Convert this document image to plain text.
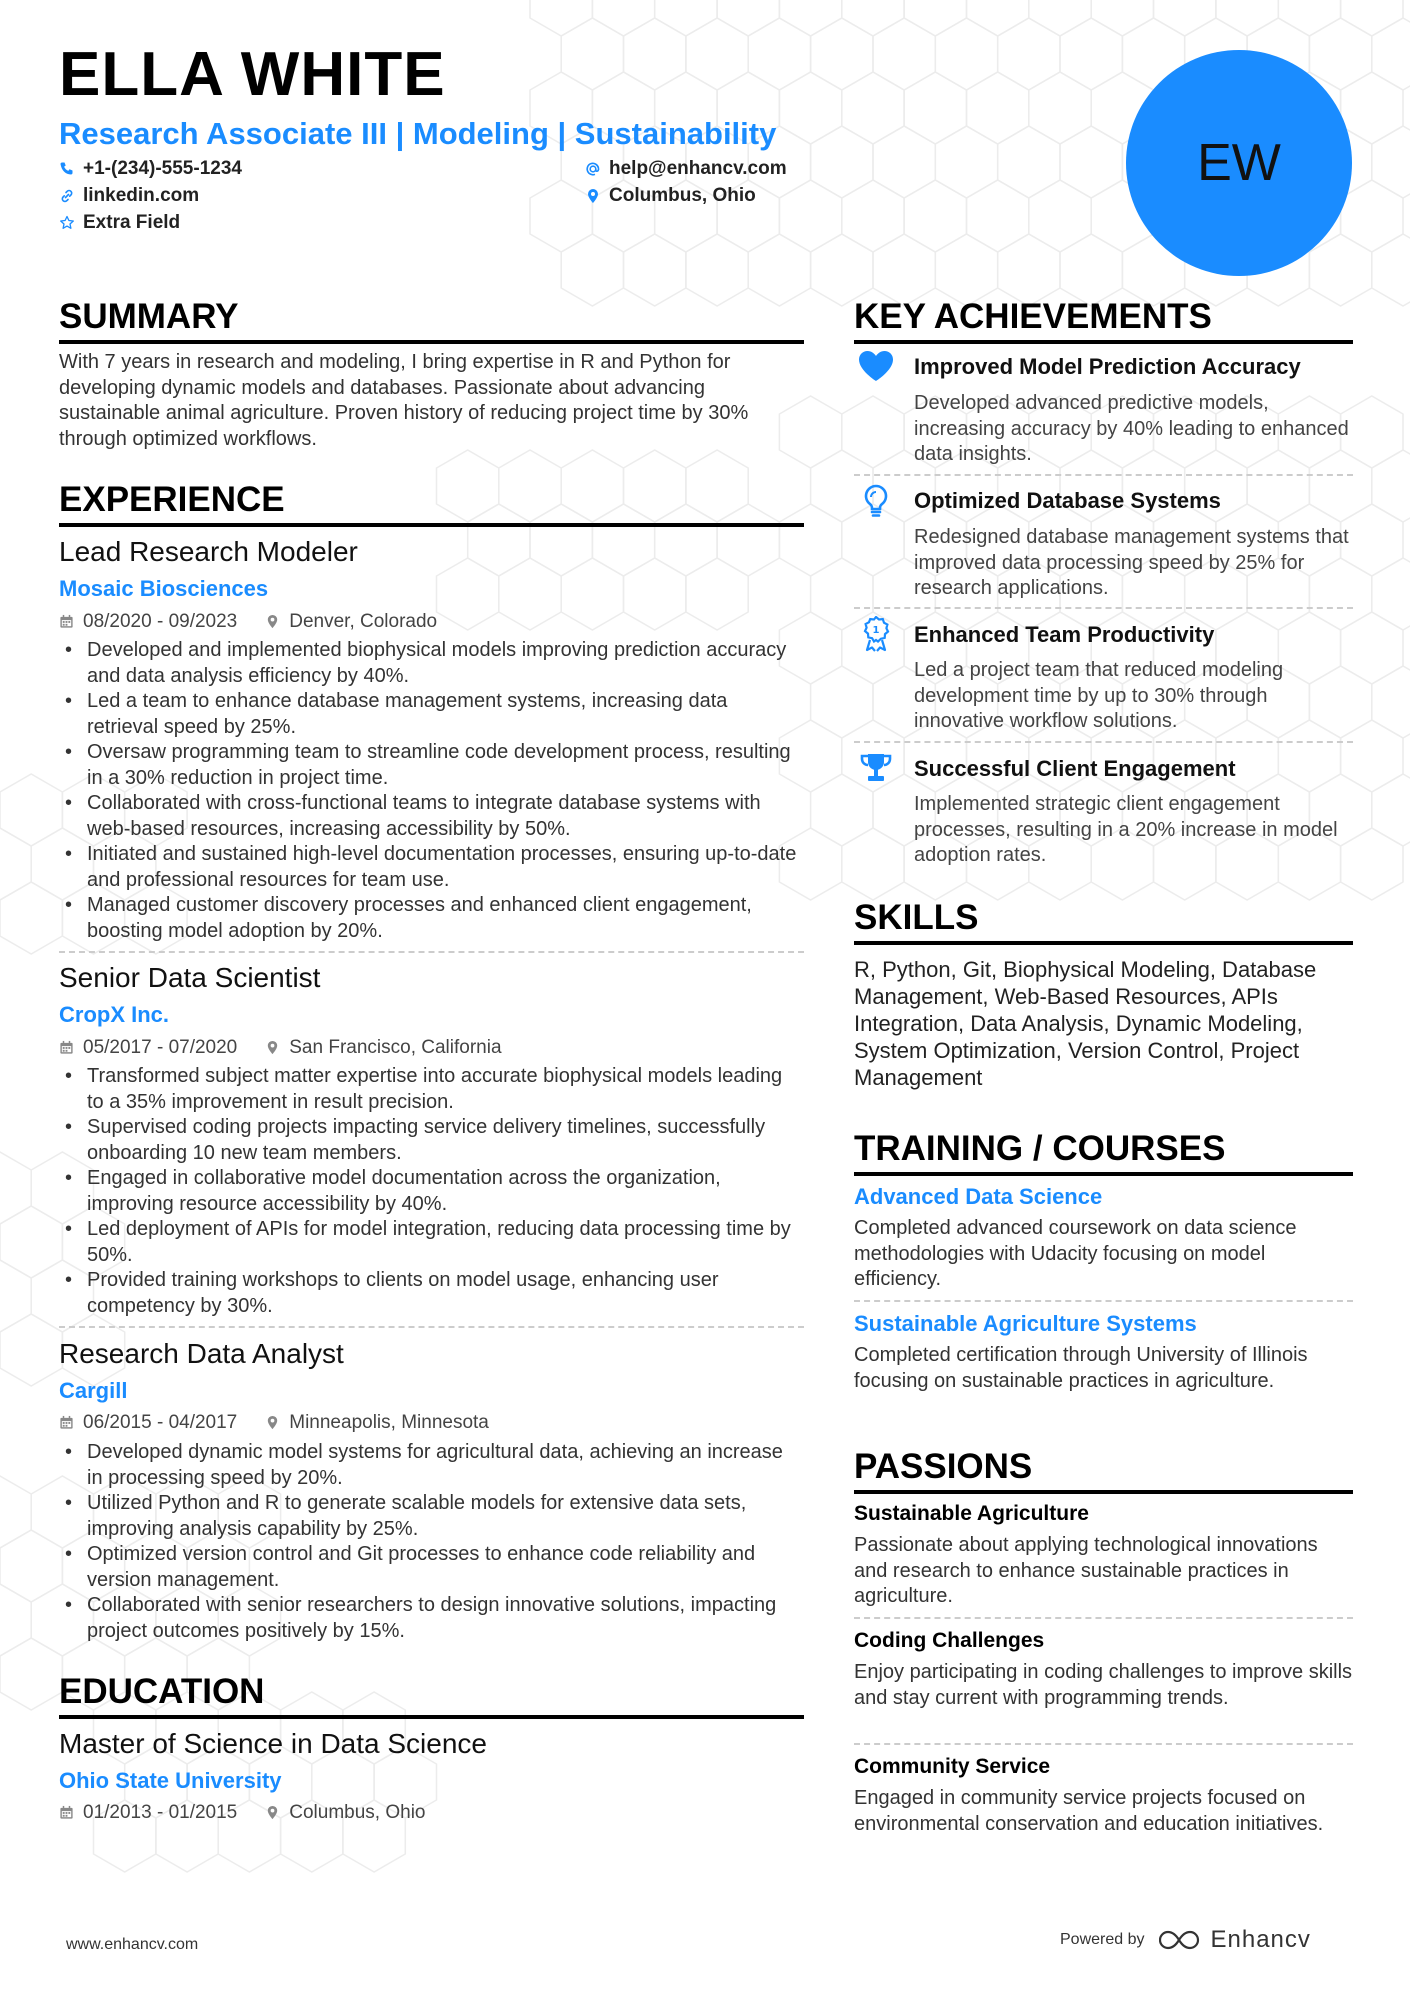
ELLA WHITE
Research Associate III | Modeling | Sustainability
+1-(234)-555-1234	help@enhancv.com
linkedin.com	Columbus, Ohio
Extra Field
EW
SUMMARY
With 7 years in research and modeling, I bring expertise in R and Python for developing dynamic models and databases. Passionate about advancing sustainable animal agriculture. Proven history of reducing project time by 30% through optimized workflows.
EXPERIENCE
Lead Research Modeler
Mosaic Biosciences
08/2020 - 09/2023	Denver, Colorado
• Developed and implemented biophysical models improving prediction accuracy and data analysis efficiency by 40%.
• Led a team to enhance database management systems, increasing data retrieval speed by 25%.
• Oversaw programming team to streamline code development process, resulting in a 30% reduction in project time.
• Collaborated with cross-functional teams to integrate database systems with web-based resources, increasing accessibility by 50%.
• Initiated and sustained high-level documentation processes, ensuring up-to-date and professional resources for team use.
• Managed customer discovery processes and enhanced client engagement, boosting model adoption by 20%.
Senior Data Scientist
CropX Inc.
05/2017 - 07/2020	San Francisco, California
• Transformed subject matter expertise into accurate biophysical models leading to a 35% improvement in result precision.
• Supervised coding projects impacting service delivery timelines, successfully onboarding 10 new team members.
• Engaged in collaborative model documentation across the organization, improving resource accessibility by 40%.
• Led deployment of APIs for model integration, reducing data processing time by 50%.
• Provided training workshops to clients on model usage, enhancing user competency by 30%.
Research Data Analyst
Cargill
06/2015 - 04/2017	Minneapolis, Minnesota
• Developed dynamic model systems for agricultural data, achieving an increase in processing speed by 20%.
• Utilized Python and R to generate scalable models for extensive data sets, improving analysis capability by 25%.
• Optimized version control and Git processes to enhance code reliability and version management.
• Collaborated with senior researchers to design innovative solutions, impacting project outcomes positively by 15%.
EDUCATION
Master of Science in Data Science
Ohio State University
01/2013 - 01/2015	Columbus, Ohio
KEY ACHIEVEMENTS
Improved Model Prediction Accuracy
Developed advanced predictive models, increasing accuracy by 40% leading to enhanced data insights.
Optimized Database Systems
Redesigned database management systems that improved data processing speed by 25% for research applications.
1 Enhanced Team Productivity
Led a project team that reduced modeling development time by up to 30% through innovative workflow solutions.
Successful Client Engagement
Implemented strategic client engagement processes, resulting in a 20% increase in model adoption rates.
SKILLS
R, Python, Git, Biophysical Modeling, Database Management, Web-Based Resources, APIs Integration, Data Analysis, Dynamic Modeling, System Optimization, Version Control, Project Management
TRAINING / COURSES
Advanced Data Science
Completed advanced coursework on data science methodologies with Udacity focusing on model efficiency.
Sustainable Agriculture Systems
Completed certification through University of Illinois focusing on sustainable practices in agriculture.
PASSIONS
Sustainable Agriculture
Passionate about applying technological innovations and research to enhance sustainable practices in agriculture.
Coding Challenges
Enjoy participating in coding challenges to improve skills and stay current with programming trends.
Community Service
Engaged in community service projects focused on environmental conservation and education initiatives.
www.enhancv.com	Powered by	Enhancv
